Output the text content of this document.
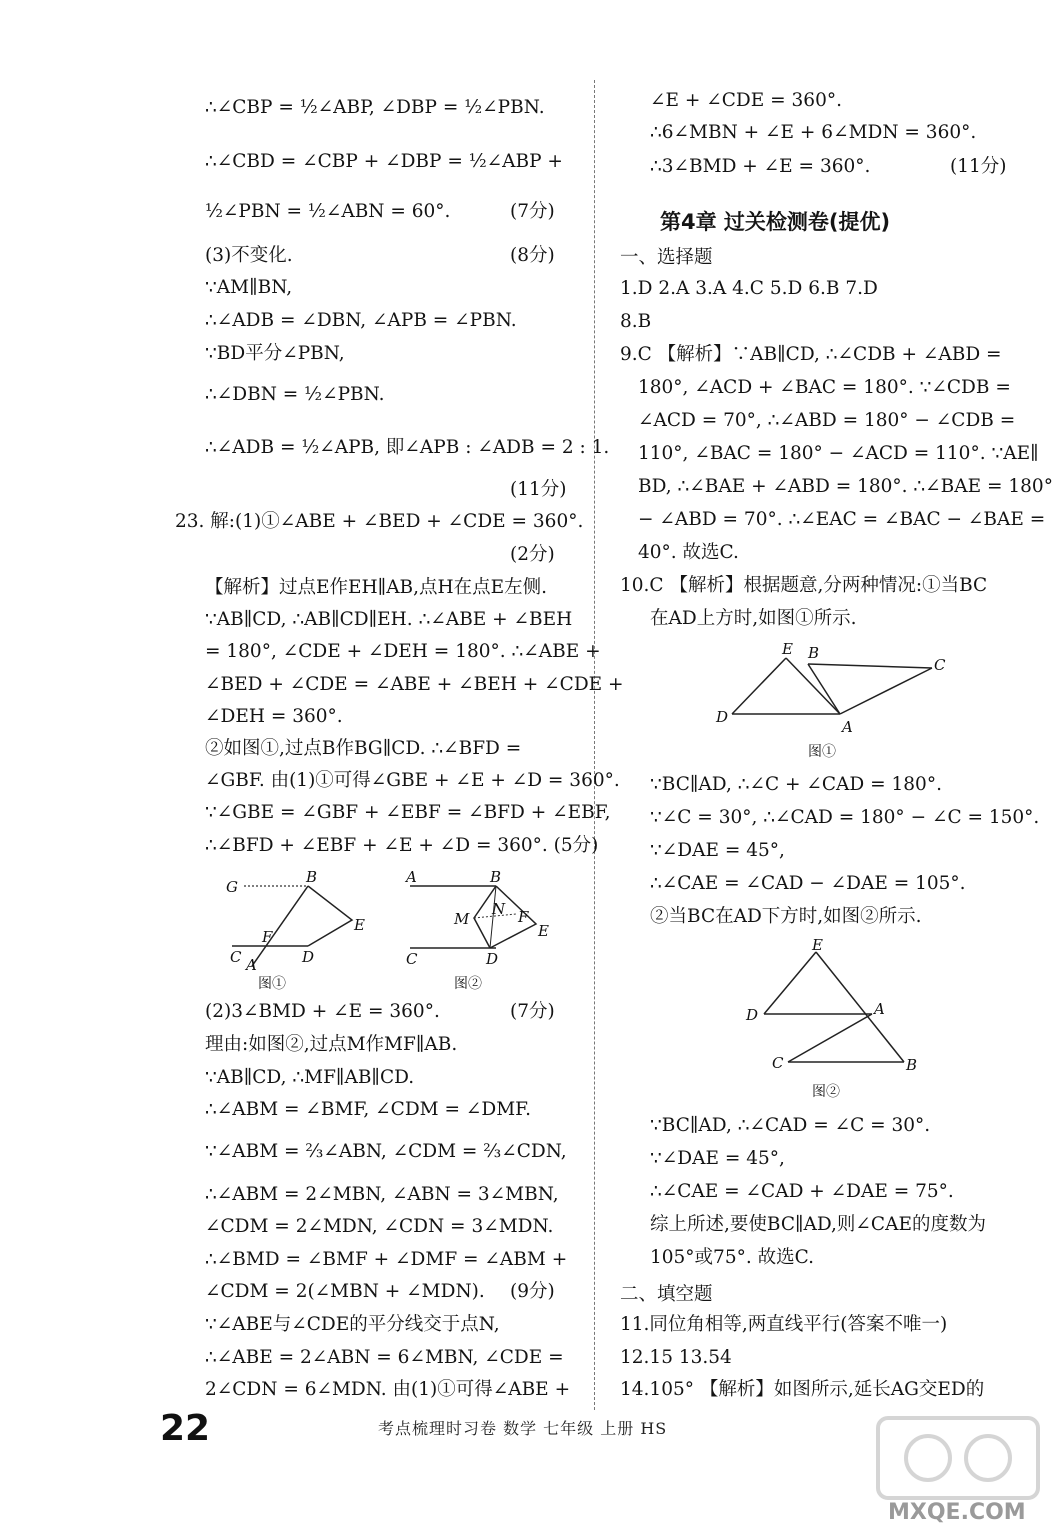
∴∠CBP = ½∠ABP, ∠DBP = ½∠PBN.
∴∠CBD = ∠CBP + ∠DBP = ½∠ABP +
½∠PBN = ½∠ABN = 60°.	(7分)
(3)不变化.	(8分)
∵AM∥BN,
∴∠ADB = ∠DBN, ∠APB = ∠PBN.
∵BD平分∠PBN,
∴∠DBN = ½∠PBN.
∴∠ADB = ½∠APB, 即∠APB : ∠ADB = 2 : 1.
(11分)
23. 解:(1)①∠ABE + ∠BED + ∠CDE = 360°.
(2分)
【解析】过点E作EH∥AB,点H在点E左侧.
∵AB∥CD, ∴AB∥CD∥EH. ∴∠ABE + ∠BEH
= 180°, ∠CDE + ∠DEH = 180°. ∴∠ABE +
∠BED + ∠CDE = ∠ABE + ∠BEH + ∠CDE +
∠DEH = 360°.
②如图①,过点B作BG∥CD. ∴∠BFD =
∠GBF. 由(1)①可得∠GBE + ∠E + ∠D = 360°.
∵∠GBE = ∠GBF + ∠EBF = ∠BFD + ∠EBF,
∴∠BFD + ∠EBF + ∠E + ∠D = 360°. (5分)
(2)3∠BMD + ∠E = 360°.	(7分)
理由:如图②,过点M作MF∥AB.
∵AB∥CD, ∴MF∥AB∥CD.
∴∠ABM = ∠BMF, ∠CDM = ∠DMF.
∵∠ABM = ⅔∠ABN, ∠CDM = ⅔∠CDN,
∴∠ABM = 2∠MBN, ∠ABN = 3∠MBN,
∠CDM = 2∠MDN, ∠CDN = 3∠MDN.
∴∠BMD = ∠BMF + ∠DMF = ∠ABM +
∠CDM = 2(∠MBN + ∠MDN). (9分)
∵∠ABE与∠CDE的平分线交于点N,
∴∠ABE = 2∠ABN = 6∠MBN, ∠CDE =
2∠CDN = 6∠MDN. 由(1)①可得∠ABE +
∠E + ∠CDE = 360°.
∴6∠MBN + ∠E + 6∠MDN = 360°.
∴3∠BMD + ∠E = 360°.	(11分)
1.D 2.A 3.A 4.C 5.D 6.B 7.D
8.B
9.C 【解析】∵AB∥CD, ∴∠CDB + ∠ABD =
180°, ∠ACD + ∠BAC = 180°. ∵∠CDB =
∠ACD = 70°, ∴∠ABD = 180° − ∠CDB =
110°, ∠BAC = 180° − ∠ACD = 110°. ∵AE∥
BD, ∴∠BAE + ∠ABD = 180°. ∴∠BAE = 180°
− ∠ABD = 70°. ∴∠EAC = ∠BAC − ∠BAE =
40°. 故选C.
10.C 【解析】根据题意,分两种情况:①当BC
在AD上方时,如图①所示.
∵BC∥AD, ∴∠C + ∠CAD = 180°.
∵∠C = 30°, ∴∠CAD = 180° − ∠C = 150°.
∵∠DAE = 45°,
∴∠CAE = ∠CAD − ∠DAE = 105°.
②当BC在AD下方时,如图②所示.
∵BC∥AD, ∴∠CAD = ∠C = 30°.
∵∠DAE = 45°,
∴∠CAE = ∠CAD + ∠DAE = 75°.
综上所述,要使BC∥AD,则∠CAE的度数为
105°或75°. 故选C.
11.同位角相等,两直线平行(答案不唯一)
12.15 13.54
14.105° 【解析】如图所示,延长AG交ED的
第4章 过关检测卷(提优)
一、选择题
二、填空题
G
B
E
D
F
C A
图①
A	B
E
D
M
N F
C
图②
E B
C
D
A
图①
E
D	A
C	B
图②
22	考点梳理时习卷 数学 七年级 上册 HS
MXQE.COM
